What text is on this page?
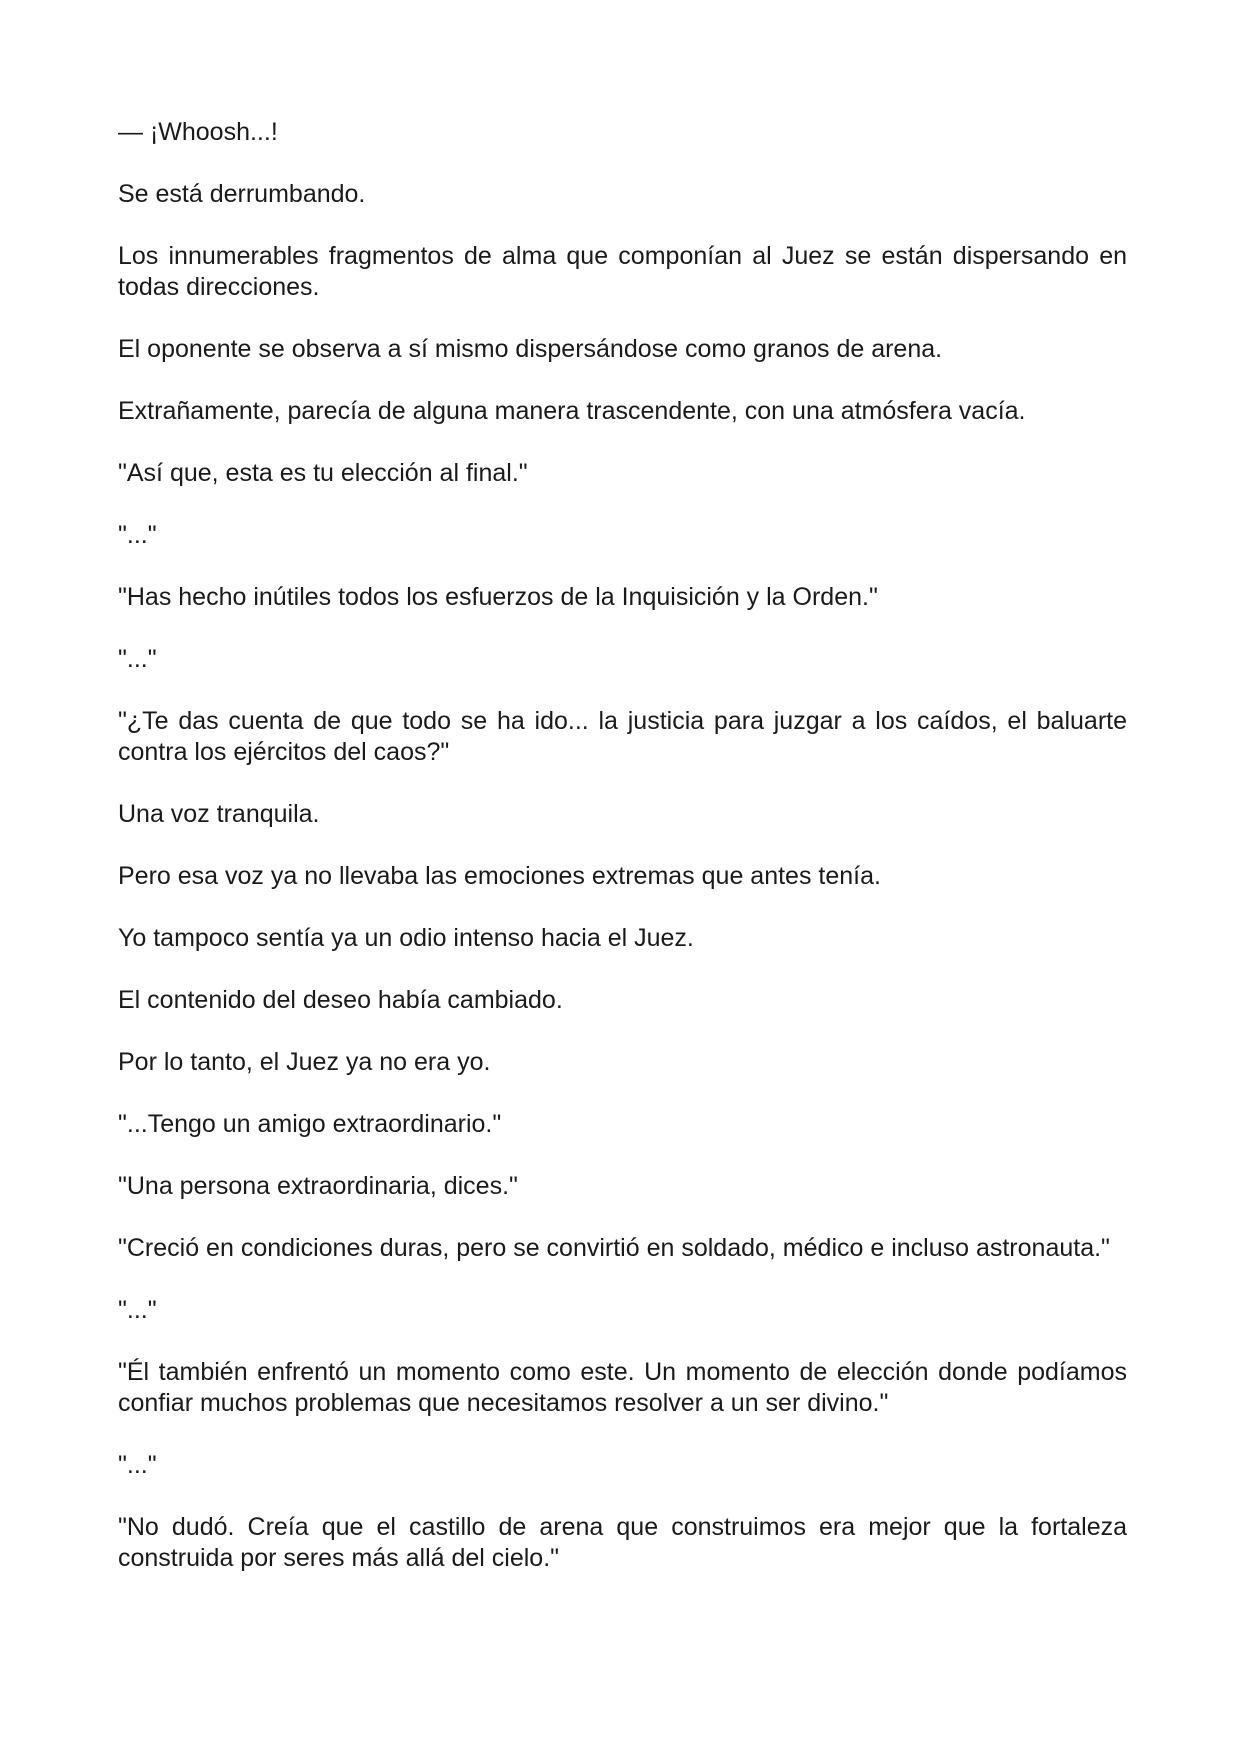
— ¡Whoosh...!

Se está derrumbando.

Los innumerables fragmentos de alma que componían al Juez se están dispersando en todas direcciones.

El oponente se observa a sí mismo dispersándose como granos de arena.

Extrañamente, parecía de alguna manera trascendente, con una atmósfera vacía.

"Así que, esta es tu elección al final."

"..."

"Has hecho inútiles todos los esfuerzos de la Inquisición y la Orden."

"..."

"¿Te das cuenta de que todo se ha ido... la justicia para juzgar a los caídos, el baluarte contra los ejércitos del caos?"

Una voz tranquila.

Pero esa voz ya no llevaba las emociones extremas que antes tenía.

Yo tampoco sentía ya un odio intenso hacia el Juez.

El contenido del deseo había cambiado.

Por lo tanto, el Juez ya no era yo.

"...Tengo un amigo extraordinario."

"Una persona extraordinaria, dices."

"Creció en condiciones duras, pero se convirtió en soldado, médico e incluso astronauta."

"..."

"Él también enfrentó un momento como este. Un momento de elección donde podíamos confiar muchos problemas que necesitamos resolver a un ser divino."

"..."

"No dudó. Creía que el castillo de arena que construimos era mejor que la fortaleza construida por seres más allá del cielo."
